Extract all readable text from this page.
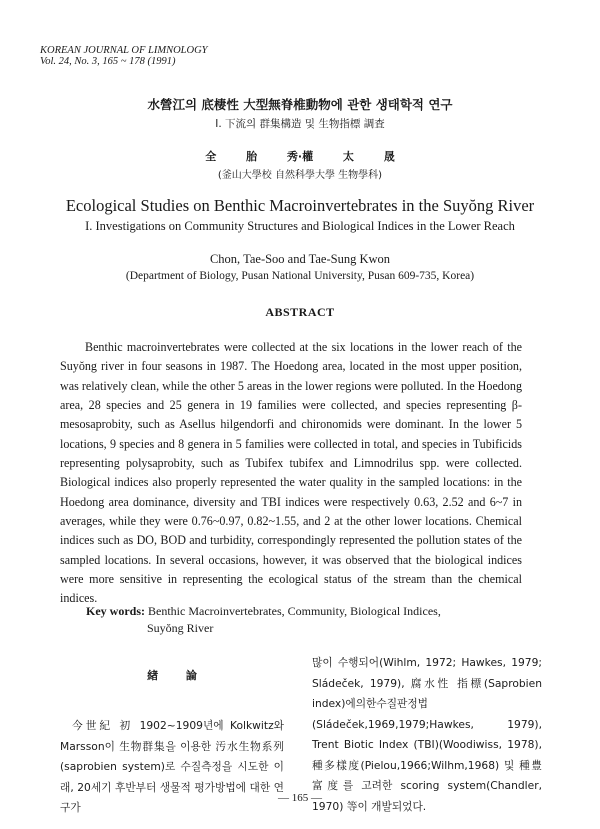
KOREAN JOURNAL OF LIMNOLOGY
Vol. 24, No. 3, 165 ~ 178 (1991)
水營江의 底棲性 大型無脊椎動物에 관한 생태학적 연구
Ⅰ. 下流의 群集構造 및 生物指標 調査
全 胎 秀·權 太 晟
(釜山大學校 自然科學大學 生物學科)
Ecological Studies on Benthic Macroinvertebrates in the Suyŏng River
I. Investigations on Community Structures and Biological Indices in the Lower Reach
Chon, Tae-Soo and Tae-Sung Kwon
(Department of Biology, Pusan National University, Pusan 609-735, Korea)
ABSTRACT

Benthic macroinvertebrates were collected at the six locations in the lower reach of the Suyŏng river in four seasons in 1987. The Hoedong area, located in the most upper position, was relatively clean, while the other 5 areas in the lower regions were polluted. In the Hoedong area, 28 species and 25 genera in 19 families were collected, and species representing β-mesosaprobity, such as Asellus hilgendorfi and chironomids were dominant. In the lower 5 locations, 9 species and 8 genera in 5 families were collected in total, and species in Tubificids representing polysaprobity, such as Tubifex tubifex and Limnodrilus spp. were collected. Biological indices also properly represented the water quality in the sampled locations: in the Hoedong area dominance, diversity and TBI indices were respectively 0.63, 2.52 and 6~7 in averages, while they were 0.76~0.97, 0.82~1.55, and 2 at the other lower locations. Chemical indices such as DO, BOD and turbidity, correspondingly represented the pollution states of the sampled locations. In several occasions, however, it was observed that the biological indices were more sensitive in representing the ecological status of the stream than the chemical indices.

Key words: Benthic Macroinvertebrates, Community, Biological Indices,
Suyŏng River
緖 論

今世紀 初 1902~1909년에 Kolkwitz와 Marsson이 生物群集을 이용한 汚水生物系列(saprobien system)로 수질측정을 시도한 이래, 20세기 후반부터 생물적 평가방법에 대한 연구가

많이 수행되어(Wihlm, 1972; Hawkes, 1979; Sládeček, 1979), 腐水性 指標(Saprobien index)에의한수질판정법(Sládeček,1969,1979;Hawkes, 1979), Trent Biotic Index (TBI)(Woodiwiss, 1978), 種多樣度(Pielou,1966;Wilhm,1968) 및 種豊富度를 고려한 scoring system(Chandler, 1970) 等이 개발되었다.

— 165 —
